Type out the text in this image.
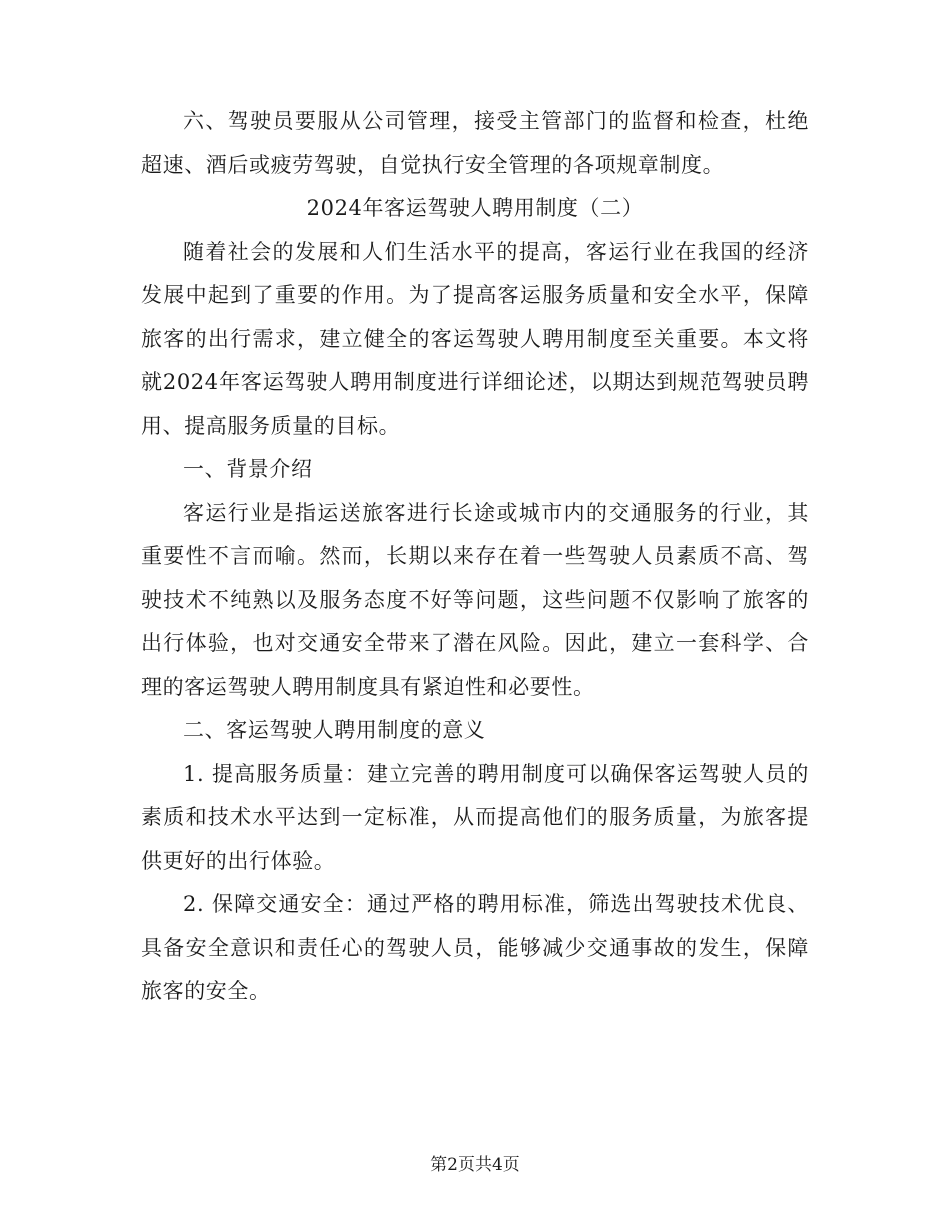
六、驾驶员要服从公司管理，接受主管部门的监督和检查，杜绝超速、酒后或疲劳驾驶，自觉执行安全管理的各项规章制度。

2024年客运驾驶人聘用制度（二）

随着社会的发展和人们生活水平的提高，客运行业在我国的经济发展中起到了重要的作用。为了提高客运服务质量和安全水平，保障旅客的出行需求，建立健全的客运驾驶人聘用制度至关重要。本文将就2024年客运驾驶人聘用制度进行详细论述，以期达到规范驾驶员聘用、提高服务质量的目标。

一、背景介绍

客运行业是指运送旅客进行长途或城市内的交通服务的行业，其重要性不言而喻。然而，长期以来存在着一些驾驶人员素质不高、驾驶技术不纯熟以及服务态度不好等问题，这些问题不仅影响了旅客的出行体验，也对交通安全带来了潜在风险。因此，建立一套科学、合理的客运驾驶人聘用制度具有紧迫性和必要性。

二、客运驾驶人聘用制度的意义

1. 提高服务质量：建立完善的聘用制度可以确保客运驾驶人员的素质和技术水平达到一定标准，从而提高他们的服务质量，为旅客提供更好的出行体验。

2. 保障交通安全：通过严格的聘用标准，筛选出驾驶技术优良、具备安全意识和责任心的驾驶人员，能够减少交通事故的发生，保障旅客的安全。

第2页共4页
